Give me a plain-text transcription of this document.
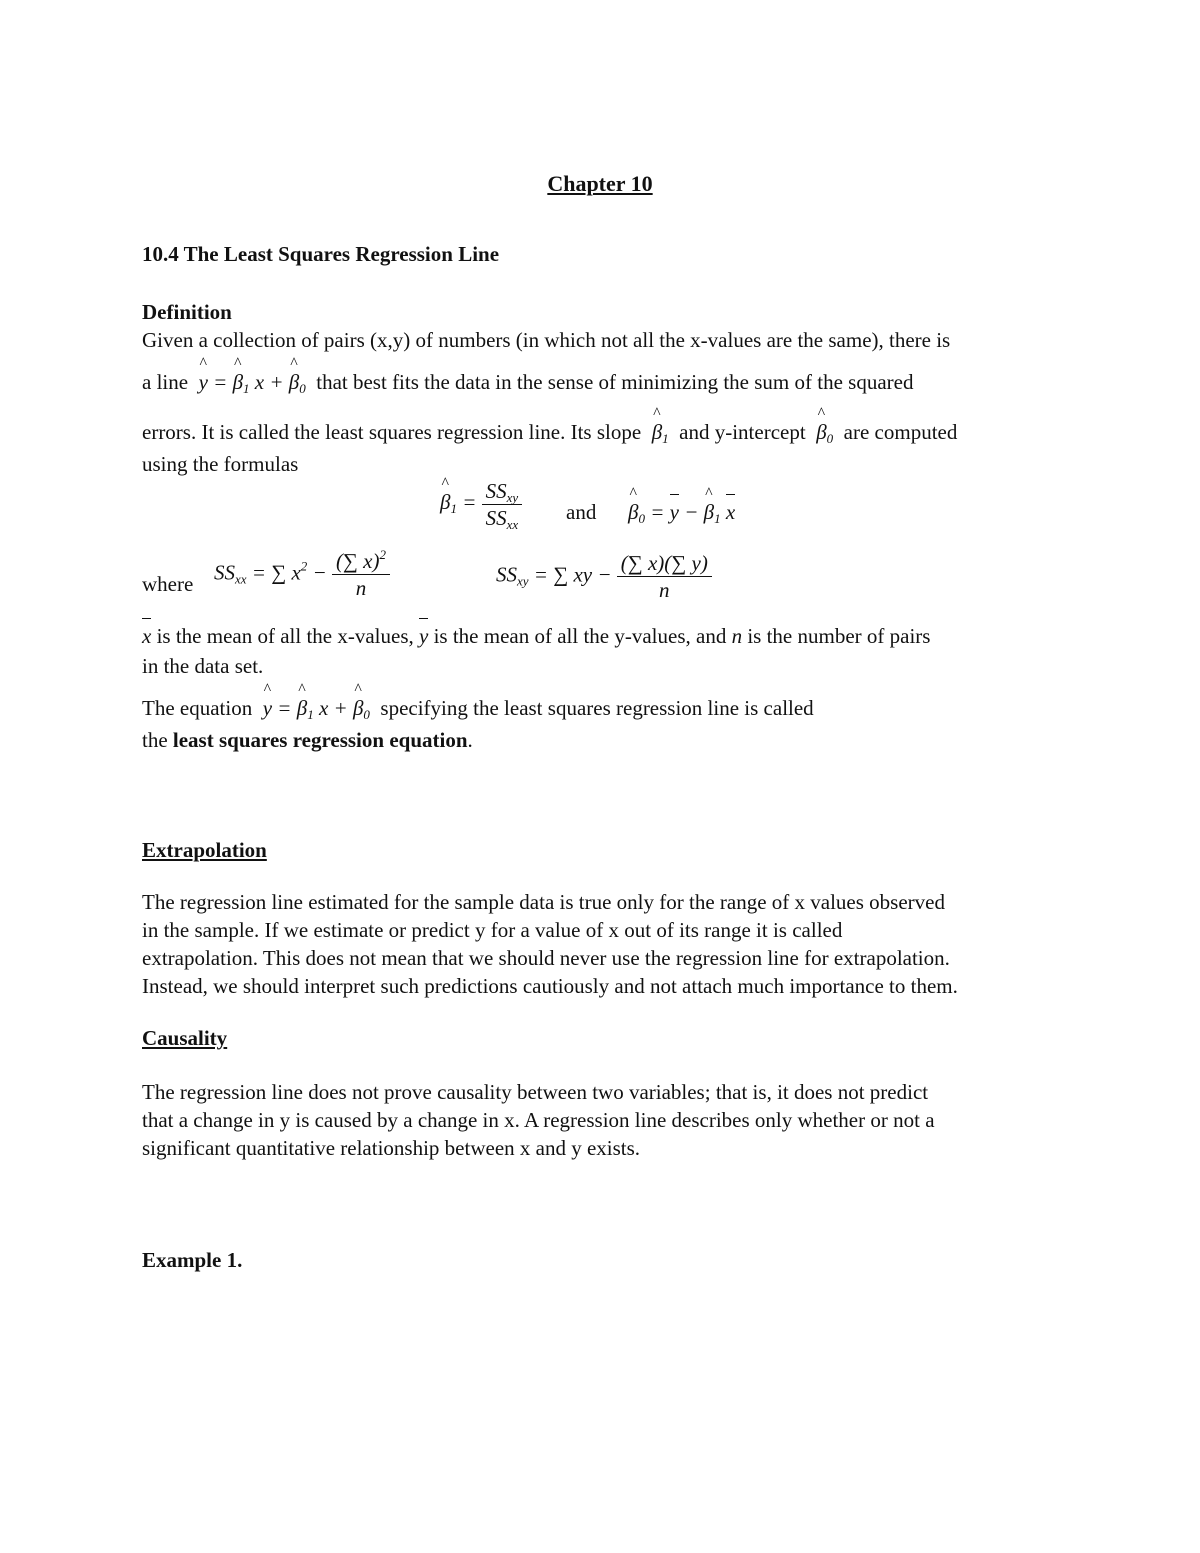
Chapter 10
10.4 The Least Squares Regression Line
Definition
Given a collection of pairs (x,y) of numbers (in which not all the x-values are the same), there is
a line ^ y = ^ $\beta_1$ x + ^ $\beta_0$ that best fits the data in the sense of minimizing the sum of the squared
errors. It is called the least squares regression line. Its slope ^ $\beta_1$ and y-intercept ^ $\beta_0$ are computed
using the formulas
^ $\beta_1 = \frac{SS_{xy}}{SS_{xx}}$ and ^ $\beta_0 = y$ − ^ $\beta_1$ x
where $SS_{xx}$ = ∑ $x^2 - \frac{(\sum x)^2}{n}$	$SS_{xy}$ = ∑ xy − $\frac{(\sum x)(\sum y)}{n}$
x is the mean of all the x-values, y is the mean of all the y-values, and n is the number of pairs
in the data set.
The equation ^ y = ^ $\beta_1$ x + ^ $\beta_0$ specifying the least squares regression line is called
the least squares regression equation.
Extrapolation
The regression line estimated for the sample data is true only for the range of x values observed
in the sample. If we estimate or predict y for a value of x out of its range it is called
extrapolation. This does not mean that we should never use the regression line for extrapolation.
Instead, we should interpret such predictions cautiously and not attach much importance to them.
Causality
The regression line does not prove causality between two variables; that is, it does not predict
that a change in y is caused by a change in x. A regression line describes only whether or not a
significant quantitative relationship between x and y exists.
Example 1.
